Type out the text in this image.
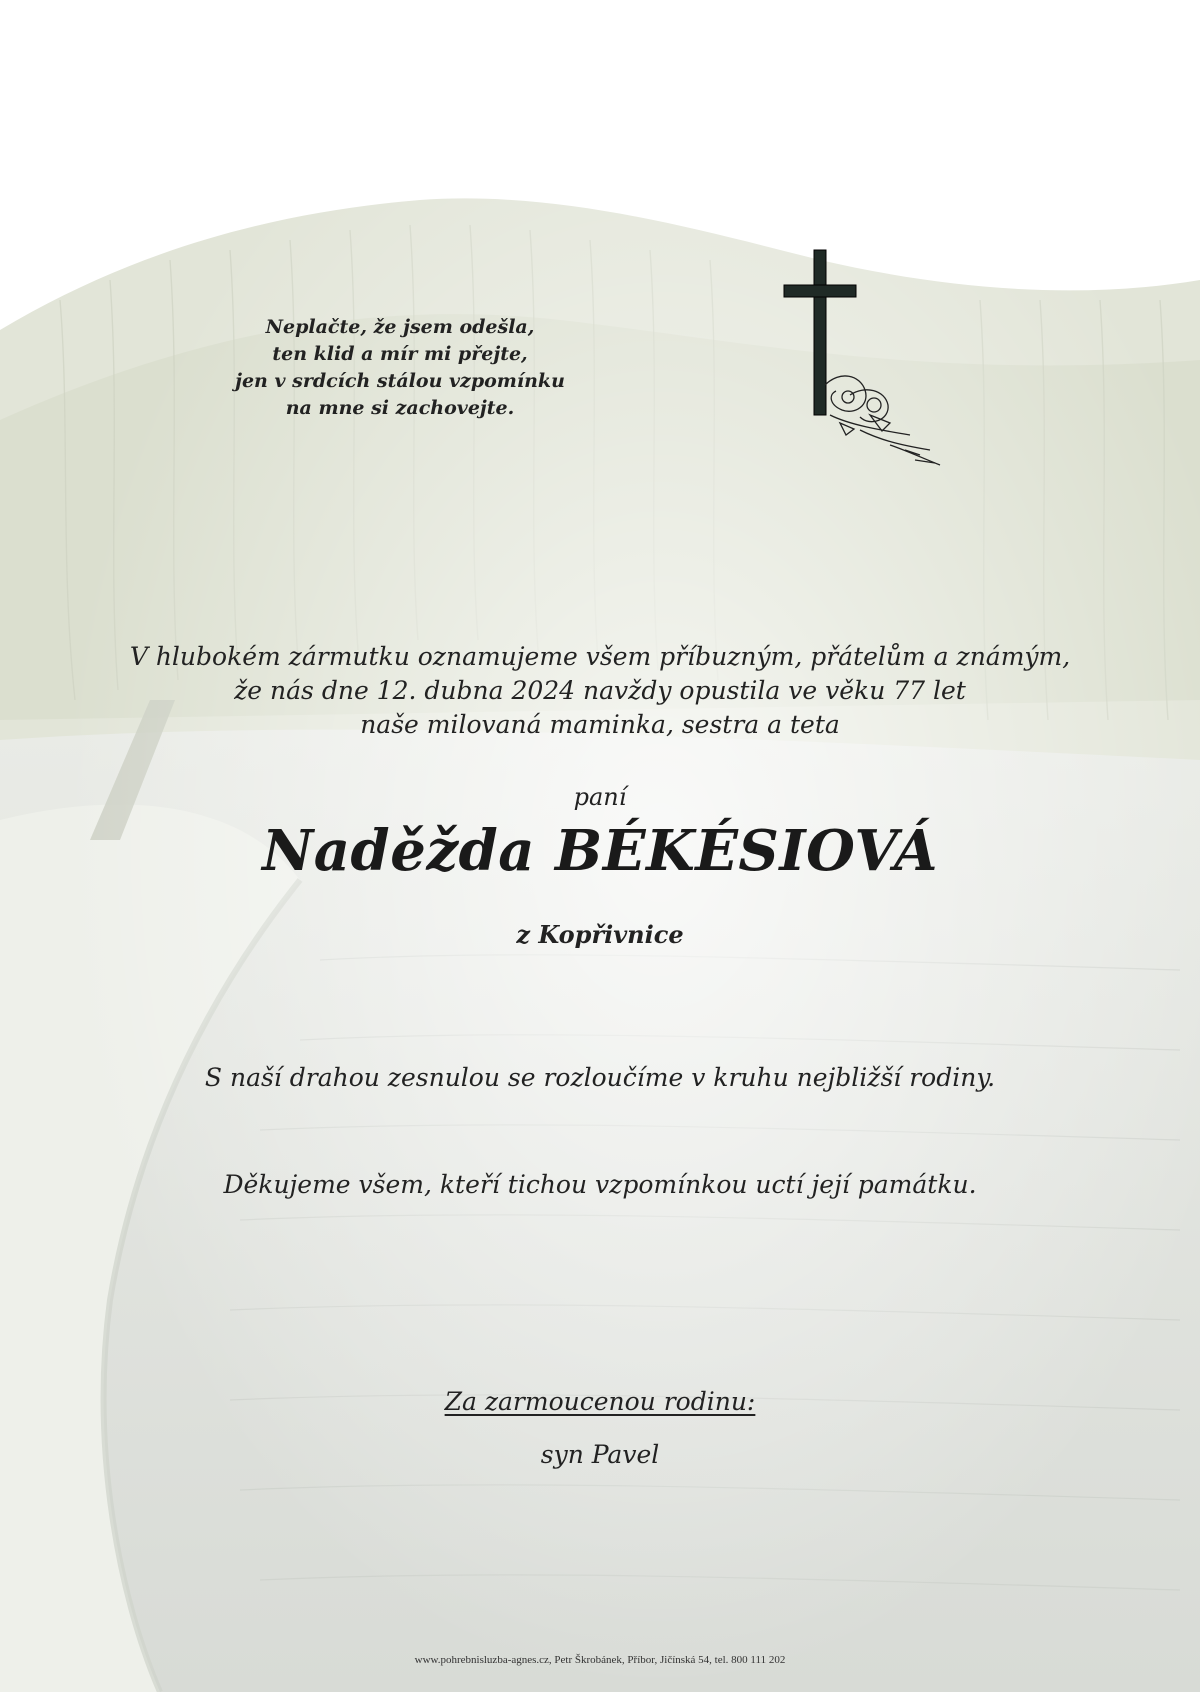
Neplačte, že jsem odešla,
ten klid a mír mi přejte,
jen v srdcích stálou vzpomínku
na mne si zachovejte.
V hlubokém zármutku oznamujeme všem příbuzným, přátelům a známým,
že nás dne 12. dubna 2024 navždy opustila ve věku 77 let
naše milovaná maminka, sestra a teta
paní
Naděžda BÉKÉSIOVÁ
z Kopřivnice
S naší drahou zesnulou se rozloučíme v kruhu nejbližší rodiny.
Děkujeme všem, kteří tichou vzpomínkou uctí její památku.
Za zarmoucenou rodinu:
syn Pavel
www.pohrebnisluzba-agnes.cz, Petr Škrobánek, Příbor, Jičínská 54, tel. 800 111 202
